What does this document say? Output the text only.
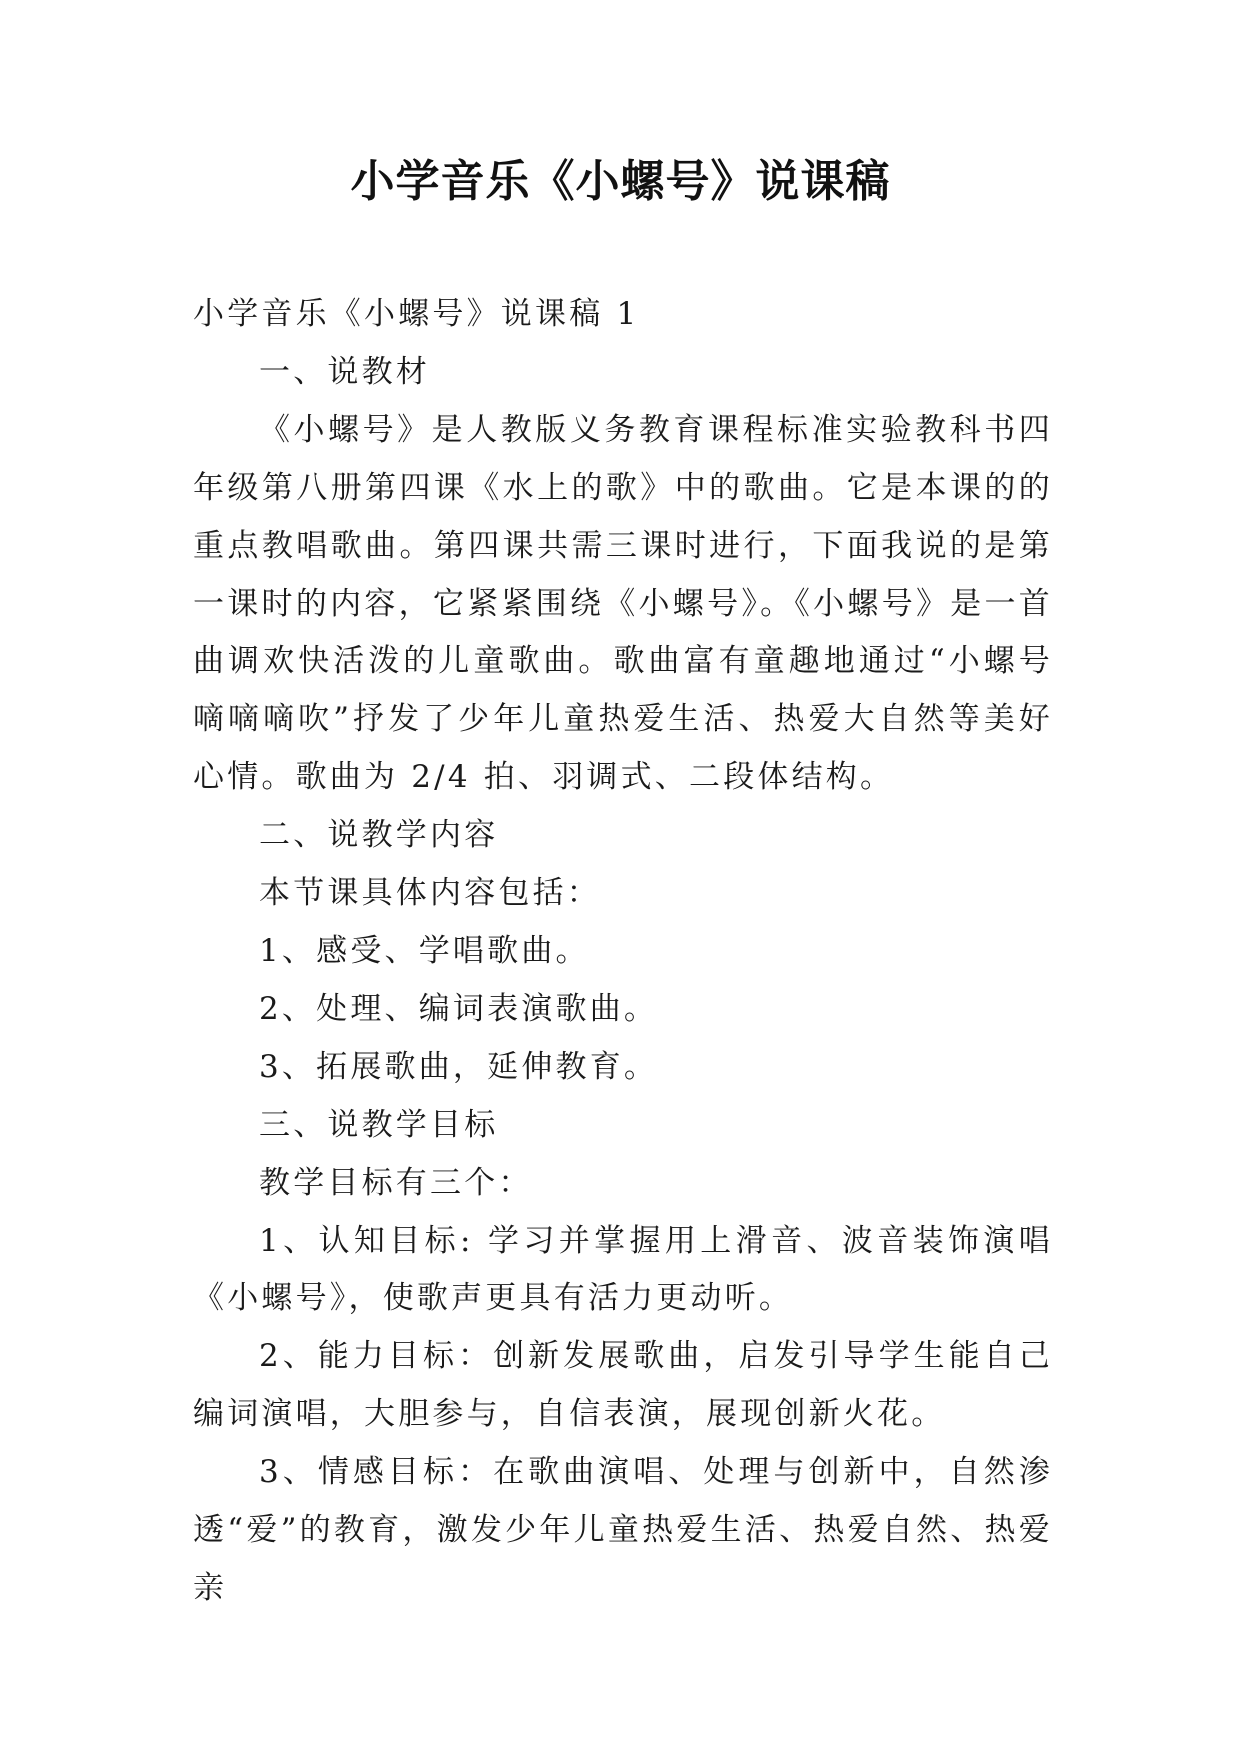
小学音乐《小螺号》说课稿

小学音乐《小螺号》说课稿 1

一、说教材

《小螺号》是人教版义务教育课程标准实验教科书四年级第八册第四课《水上的歌》中的歌曲。它是本课的的重点教唱歌曲。第四课共需三课时进行，下面我说的是第一课时的内容，它紧紧围绕《小螺号》。《小螺号》是一首曲调欢快活泼的儿童歌曲。歌曲富有童趣地通过“小螺号嘀嘀嘀吹”抒发了少年儿童热爱生活、热爱大自然等美好心情。歌曲为 2/4 拍、羽调式、二段体结构。

二、说教学内容

本节课具体内容包括：

1、感受、学唱歌曲。

2、处理、编词表演歌曲。

3、拓展歌曲，延伸教育。

三、说教学目标

教学目标有三个：

1、认知目标: 学习并掌握用上滑音、波音装饰演唱《小螺号》，使歌声更具有活力更动听。

2、能力目标：创新发展歌曲，启发引导学生能自己编词演唱，大胆参与，自信表演，展现创新火花。

3、情感目标：在歌曲演唱、处理与创新中，自然渗透“爱”的教育，激发少年儿童热爱生活、热爱自然、热爱亲
